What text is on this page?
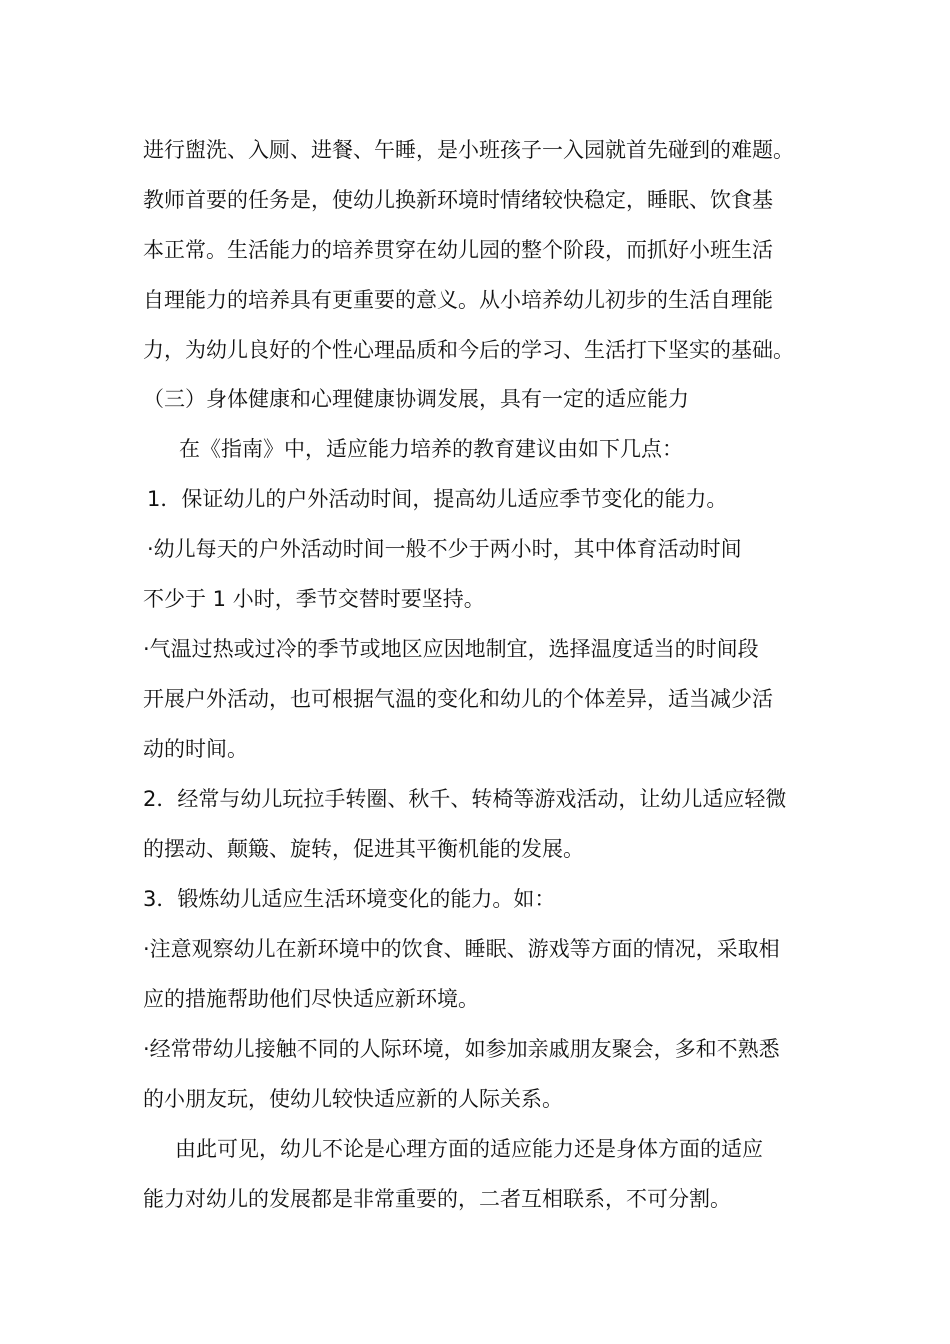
进行盥洗、入厕、进餐、午睡，是小班孩子一入园就首先碰到的难题。
教师首要的任务是，使幼儿换新环境时情绪较快稳定，睡眠、饮食基
本正常。生活能力的培养贯穿在幼儿园的整个阶段，而抓好小班生活
自理能力的培养具有更重要的意义。从小培养幼儿初步的生活自理能
力，为幼儿良好的个性心理品质和今后的学习、生活打下坚实的基础。
（三）身体健康和心理健康协调发展，具有一定的适应能力
在《指南》中，适应能力培养的教育建议由如下几点：
1．保证幼儿的户外活动时间，提高幼儿适应季节变化的能力。
·幼儿每天的户外活动时间一般不少于两小时，其中体育活动时间
不少于 1 小时，季节交替时要坚持。
·气温过热或过冷的季节或地区应因地制宜，选择温度适当的时间段
开展户外活动，也可根据气温的变化和幼儿的个体差异，适当减少活
动的时间。
2．经常与幼儿玩拉手转圈、秋千、转椅等游戏活动，让幼儿适应轻微
的摆动、颠簸、旋转，促进其平衡机能的发展。
3．锻炼幼儿适应生活环境变化的能力。如：
·注意观察幼儿在新环境中的饮食、睡眠、游戏等方面的情况，采取相
应的措施帮助他们尽快适应新环境。
·经常带幼儿接触不同的人际环境，如参加亲戚朋友聚会，多和不熟悉
的小朋友玩，使幼儿较快适应新的人际关系。
由此可见，幼儿不论是心理方面的适应能力还是身体方面的适应
能力对幼儿的发展都是非常重要的，二者互相联系，不可分割。
